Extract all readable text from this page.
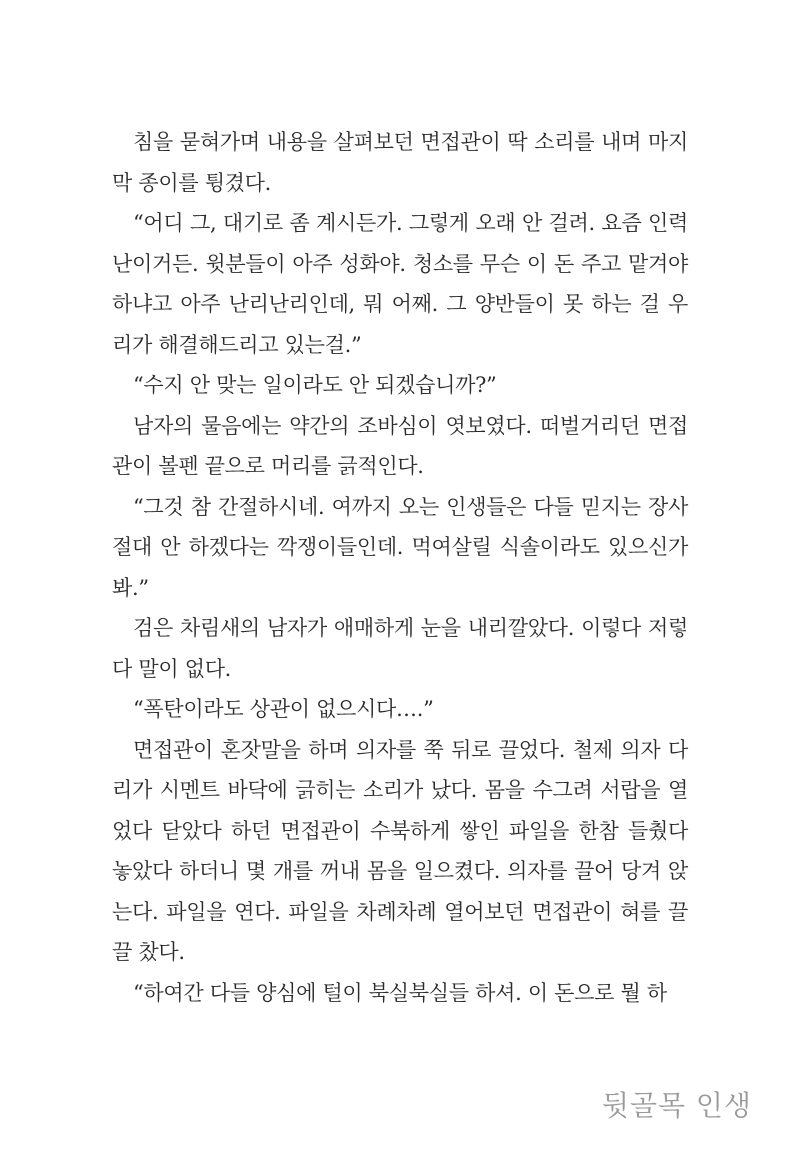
침을 묻혀가며 내용을 살펴보던 면접관이 딱 소리를 내며 마지막 종이를 튕겼다.

“어디 그, 대기로 좀 계시든가. 그렇게 오래 안 걸려. 요즘 인력난이거든. 윗분들이 아주 성화야. 청소를 무슨 이 돈 주고 맡겨야 하냐고 아주 난리난리인데, 뭐 어째. 그 양반들이 못 하는 걸 우리가 해결해드리고 있는걸.”

“수지 안 맞는 일이라도 안 되겠습니까?”

남자의 물음에는 약간의 조바심이 엿보였다. 떠벌거리던 면접관이 볼펜 끝으로 머리를 긁적인다.

“그것 참 간절하시네. 여까지 오는 인생들은 다들 믿지는 장사 절대 안 하겠다는 깍쟁이들인데. 먹여살릴 식솔이라도 있으신가봐.”

검은 차림새의 남자가 애매하게 눈을 내리깔았다. 이렇다 저렇다 말이 없다.

“폭탄이라도 상관이 없으시다….”

면접관이 혼잣말을 하며 의자를 쭉 뒤로 끌었다. 철제 의자 다리가 시멘트 바닥에 긁히는 소리가 났다. 몸을 수그려 서랍을 열었다 닫았다 하던 면접관이 수북하게 쌓인 파일을 한참 들췄다 놓았다 하더니 몇 개를 꺼내 몸을 일으켰다. 의자를 끌어 당겨 앉는다. 파일을 연다. 파일을 차례차례 열어보던 면접관이 혀를 끌끌 찼다.

“하여간 다들 양심에 털이 북실북실들 하셔. 이 돈으로 뭘 하

뒷골목 인생
